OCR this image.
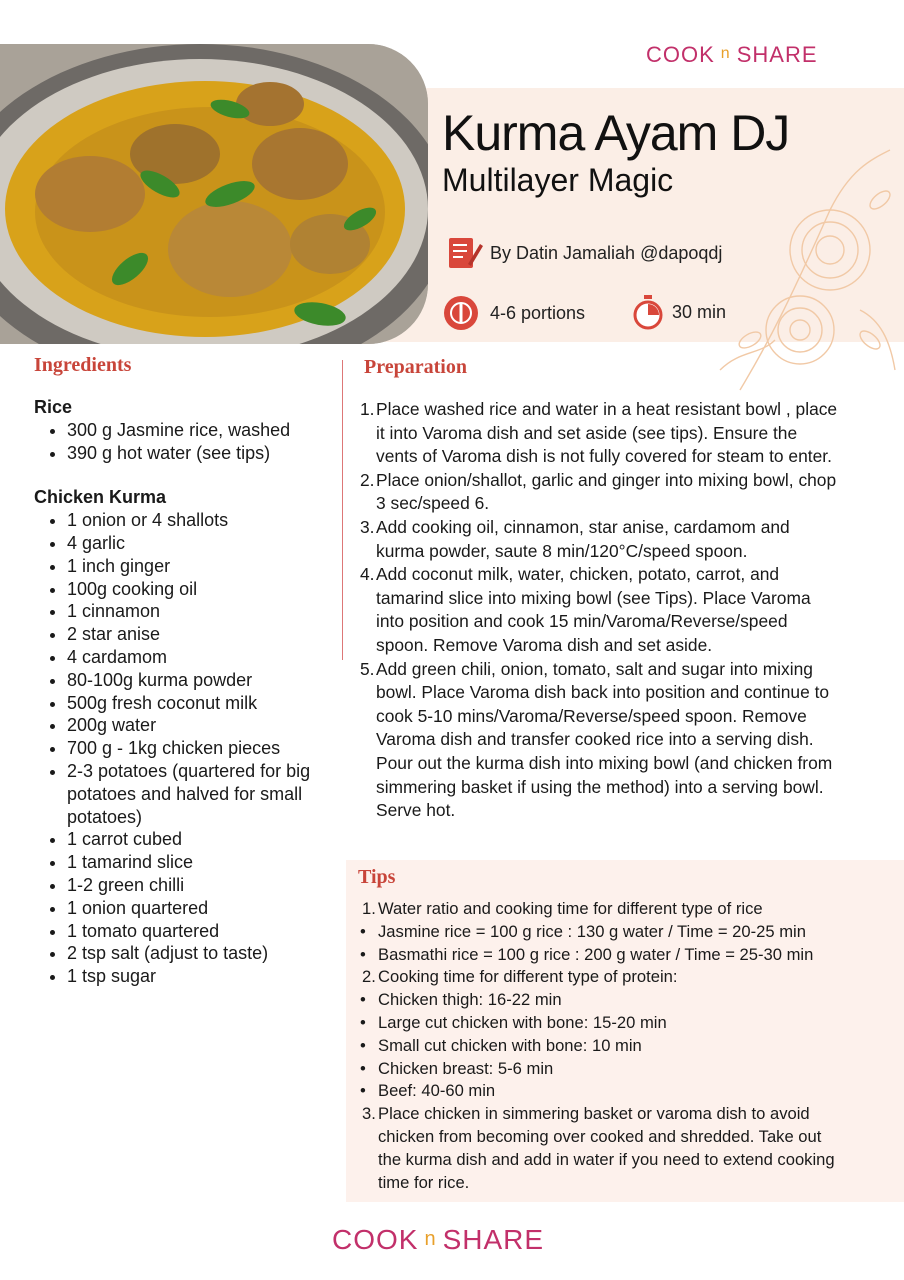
COOK n SHARE
Kurma Ayam DJ
Multilayer Magic
By Datin Jamaliah @dapoqdj
4-6 portions	30 min
Ingredients
Rice
• 300 g Jasmine rice, washed
• 390 g hot water (see tips)
Chicken Kurma
• 1 onion or 4 shallots
• 4 garlic
• 1 inch ginger
• 100g cooking oil
• 1 cinnamon
• 2 star anise
• 4 cardamom
• 80-100g kurma powder
• 500g fresh coconut milk
• 200g water
• 700 g - 1kg chicken pieces
• 2-3 potatoes (quartered for big potatoes and halved for small potatoes)
• 1 carrot cubed
• 1 tamarind slice
• 1-2 green chilli
• 1 onion quartered
• 1 tomato quartered
• 2 tsp salt (adjust to taste)
• 1 tsp sugar
Preparation
1. Place washed rice and water in a heat resistant bowl , place it into Varoma dish and set aside (see tips). Ensure the vents of Varoma dish is not fully covered for steam to enter.
2. Place onion/shallot, garlic and ginger into mixing bowl, chop 3 sec/speed 6.
3. Add cooking oil, cinnamon, star anise, cardamom and kurma powder, saute 8 min/120°C/speed spoon.
4. Add coconut milk, water, chicken, potato, carrot, and tamarind slice into mixing bowl (see Tips). Place Varoma into position and cook 15 min/Varoma/Reverse/speed spoon. Remove Varoma dish and set aside.
5. Add green chili, onion, tomato, salt and sugar into mixing bowl. Place Varoma dish back into position and continue to cook 5-10 mins/Varoma/Reverse/speed spoon. Remove Varoma dish and transfer cooked rice into a serving dish. Pour out the kurma dish into mixing bowl (and chicken from simmering basket if using the method) into a serving bowl. Serve hot.
Tips
1. Water ratio and cooking time for different type of rice
• Jasmine rice = 100 g rice : 130 g water / Time = 20-25 min
• Basmathi rice = 100 g rice : 200 g water / Time = 25-30 min
2. Cooking time for different type of protein:
• Chicken thigh: 16-22 min
• Large cut chicken with bone: 15-20 min
• Small cut chicken with bone: 10 min
• Chicken breast: 5-6 min
• Beef: 40-60 min
3. Place chicken in simmering basket or varoma dish to avoid chicken from becoming over cooked and shredded. Take out the kurma dish and add in water if you need to extend cooking time for rice.
COOK n SHARE
